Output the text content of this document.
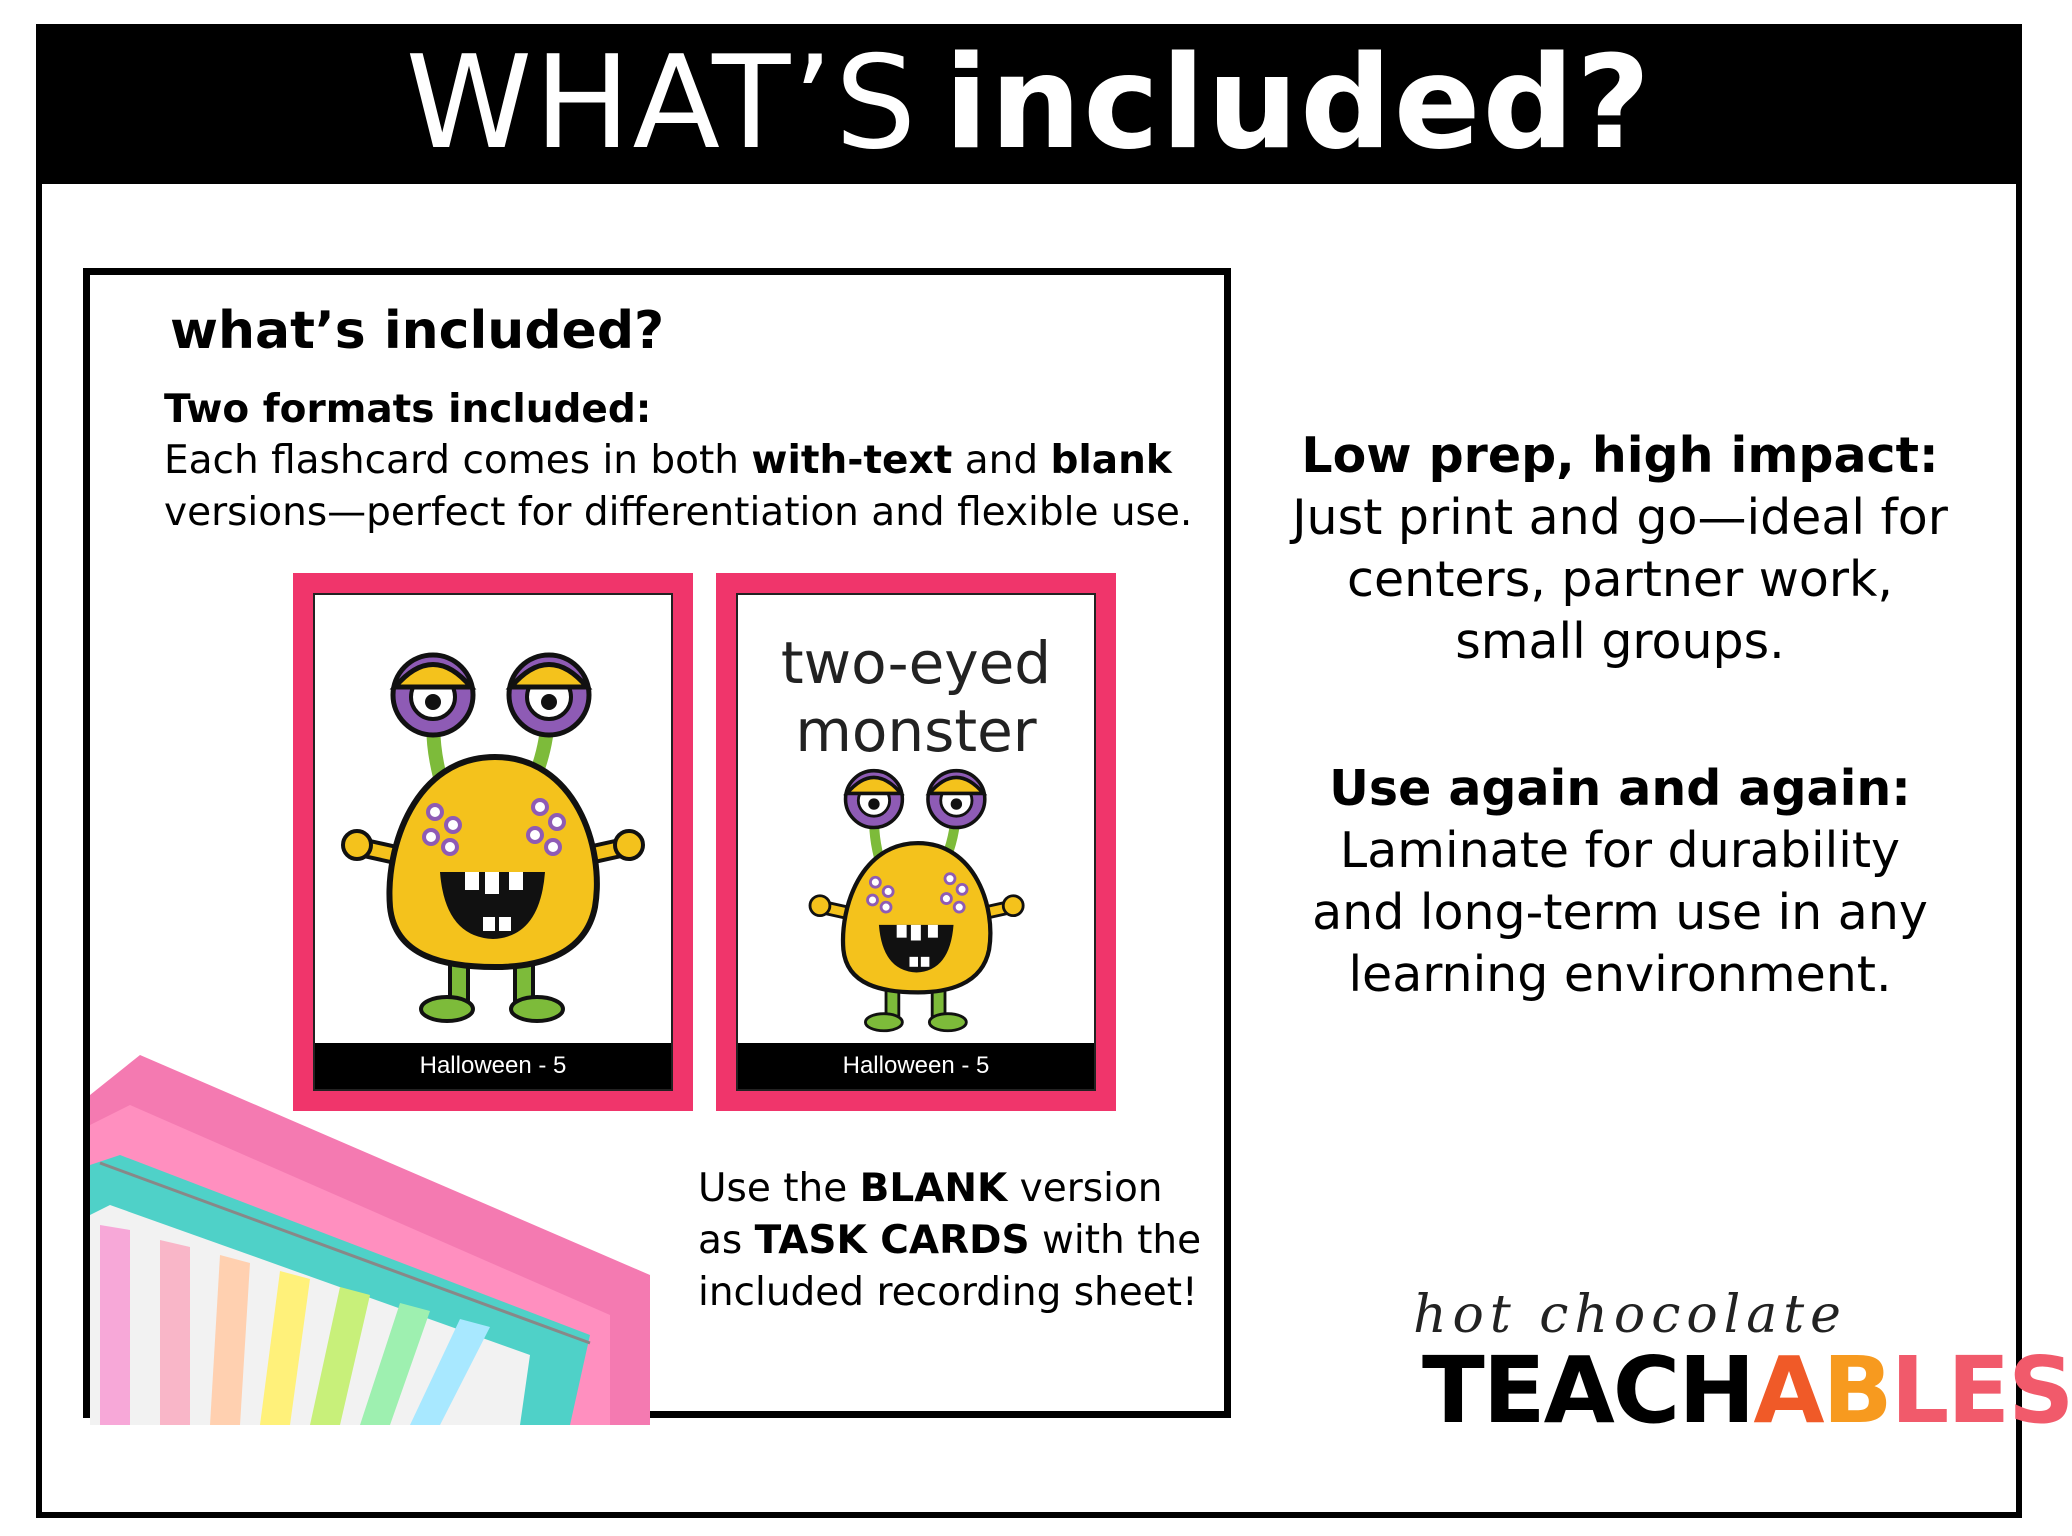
WHAT’S included?
what’s included?
Two formats included:
Each flashcard comes in both with-text and blank versions—perfect for differentiation and flexible use.
Halloween - 5
two-eyed
monster
Halloween - 5
Use the BLANK version as TASK CARDS with the included recording sheet!
Low prep, high impact:
Just print and go—ideal for centers, partner work, small groups.
Use again and again:
Laminate for durability and long-term use in any learning environment.
hot chocolate
TEACHABLES
